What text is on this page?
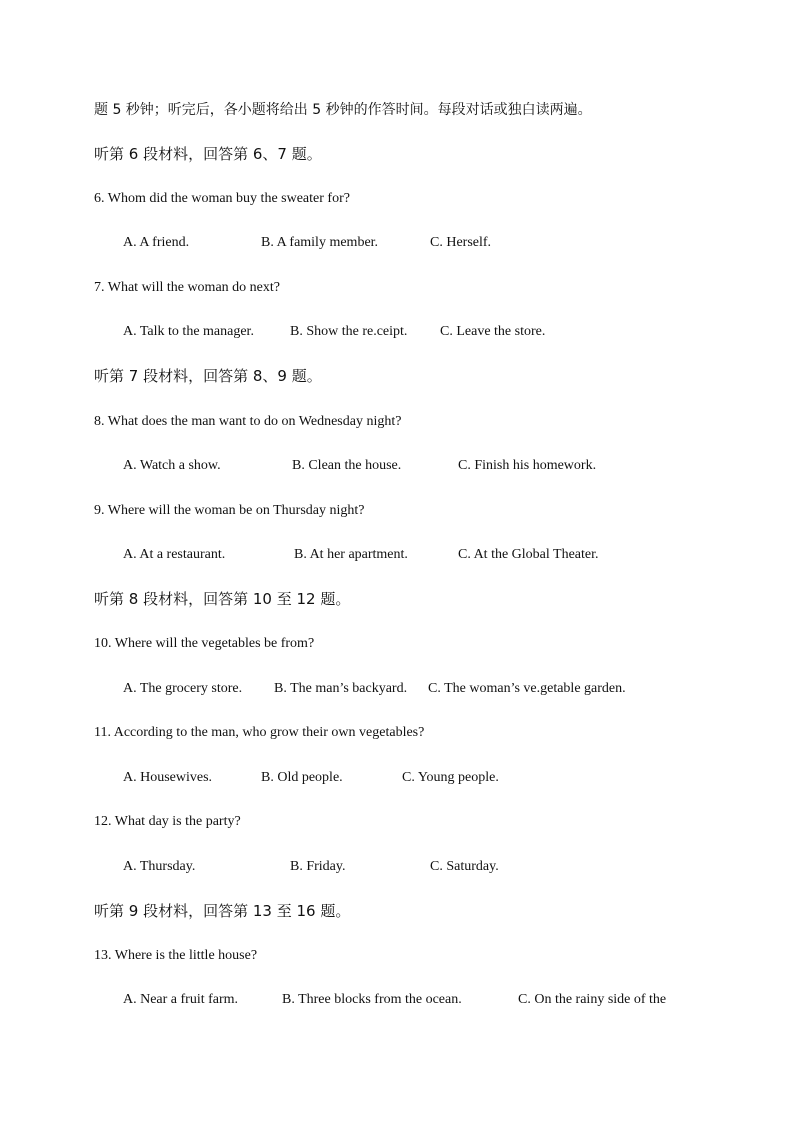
题 5 秒钟；听完后，各小题将给出 5 秒钟的作答时间。每段对话或独白读两遍。
听第 6 段材料，回答第 6、7 题。
6. Whom did the woman buy the sweater for?
A. A friend.	B. A family member.	C. Herself.
7. What will the woman do next?
A. Talk to the manager.	B. Show the re.ceipt. C. Leave the store.
听第 7 段材料，回答第 8、9 题。
8. What does the man want to do on Wednesday night?
A. Watch a show.	B. Clean the house.	C. Finish his homework.
9. Where will the woman be on Thursday night?
A. At a restaurant.	B. At her apartment.	C. At the Global Theater.
听第 8 段材料，回答第 10 至 12 题。
10. Where will the vegetables be from?
A. The grocery store. B. The man’s backyard. C. The woman’s ve.getable garden.
11. According to the man, who grow their own vegetables?
A. Housewives.	B. Old people.	C. Young people.
12. What day is the party?
A. Thursday.	B. Friday.	C. Saturday.
听第 9 段材料，回答第 13 至 16 题。
13. Where is the little house?
A. Near a fruit farm.	B. Three blocks from the ocean.	C. On the rainy side of the
